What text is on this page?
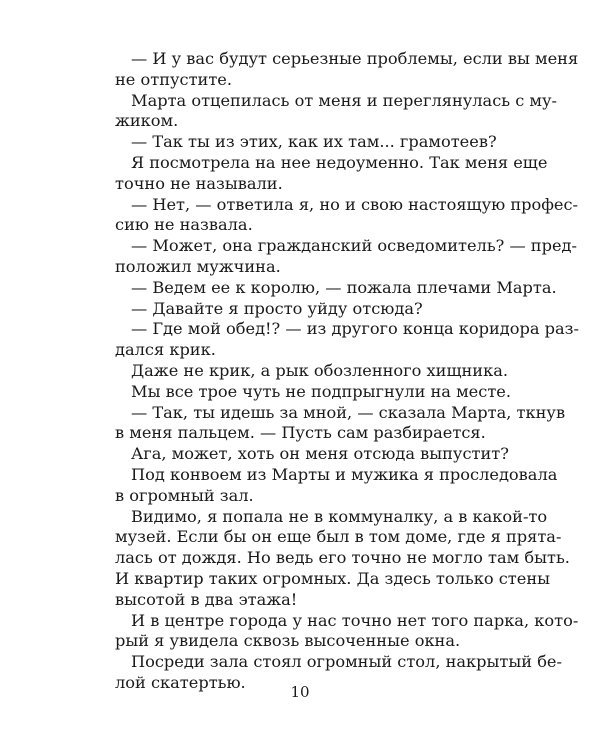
— И у вас будут серьезные проблемы, если вы меня
не отпустите.
Марта отцепилась от меня и переглянулась с му-
жиком.
— Так ты из этих, как их там... грамотеев?
Я посмотрела на нее недоуменно. Так меня еще
точно не называли.
— Нет, — ответила я, но и свою настоящую профес-
сию не назвала.
— Может, она гражданский осведомитель? — пред-
положил мужчина.
— Ведем ее к королю, — пожала плечами Марта.
— Давайте я просто уйду отсюда?
— Где мой обед!? — из другого конца коридора раз-
дался крик.
Даже не крик, а рык обозленного хищника.
Мы все трое чуть не подпрыгнули на месте.
— Так, ты идешь за мной, — сказала Марта, ткнув
в меня пальцем. — Пусть сам разбирается.
Ага, может, хоть он меня отсюда выпустит?
Под конвоем из Марты и мужика я проследовала
в огромный зал.
Видимо, я попала не в коммуналку, а в какой-то
музей. Если бы он еще был в том доме, где я прята-
лась от дождя. Но ведь его точно не могло там быть.
И квартир таких огромных. Да здесь только стены
высотой в два этажа!
И в центре города у нас точно нет того парка, кото-
рый я увидела сквозь высоченные окна.
Посреди зала стоял огромный стол, накрытый бе-
лой скатертью.
10
